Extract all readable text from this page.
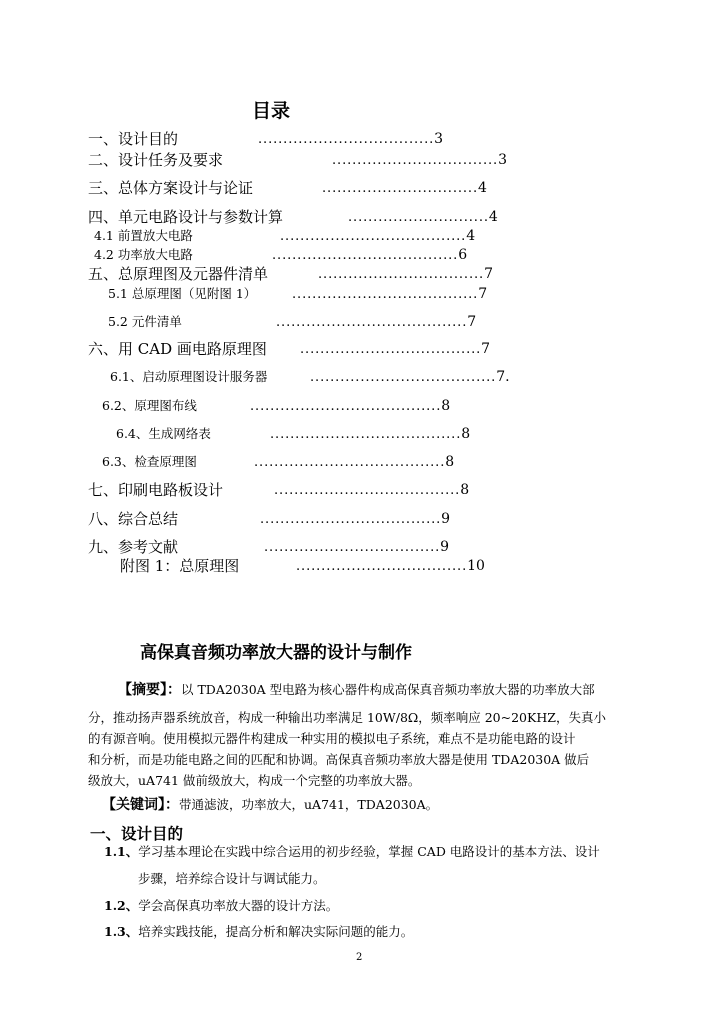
目录
一、设计目的	...................................3
二、设计任务及要求	.................................3
三、总体方案设计与论证	...............................4
四、单元电路设计与参数计算	............................4
4.1 前置放大电路	.....................................4
4.2 功率放大电路	.....................................6
五、总原理图及元器件清单	.................................7
5.1 总原理图（见附图 1）	.....................................7
5.2 元件清单	......................................7
六、用 CAD 画电路原理图	....................................7
6.1、启动原理图设计服务器	.....................................7.
6.2、原理图布线	......................................8
6.4、生成网络表	......................................8
6.3、检查原理图	......................................8
七、印刷电路板设计	.....................................8
八、综合总结	....................................9
九、参考文献	...................................9
附图 1：总原理图	..................................10
高保真音频功率放大器的设计与制作
【摘要】：以 TDA2030A 型电路为核心器件构成高保真音频功率放大器的功率放大部
分，推动扬声器系统放音，构成一种输出功率满足 10W/8Ω，频率响应 20~20KHZ，失真小
的有源音响。使用模拟元器件构建成一种实用的模拟电子系统，难点不是功能电路的设计
和分析，而是功能电路之间的匹配和协调。高保真音频功率放大器是使用 TDA2030A 做后
级放大，uA741 做前级放大，构成一个完整的功率放大器。
【关键词】：带通滤波，功率放大，uA741，TDA2030A。
一、设计目的
1.1、学习基本理论在实践中综合运用的初步经验，掌握 CAD 电路设计的基本方法、设计
步骤，培养综合设计与调试能力。
1.2、学会高保真功率放大器的设计方法。
1.3、培养实践技能，提高分析和解决实际问题的能力。
2
